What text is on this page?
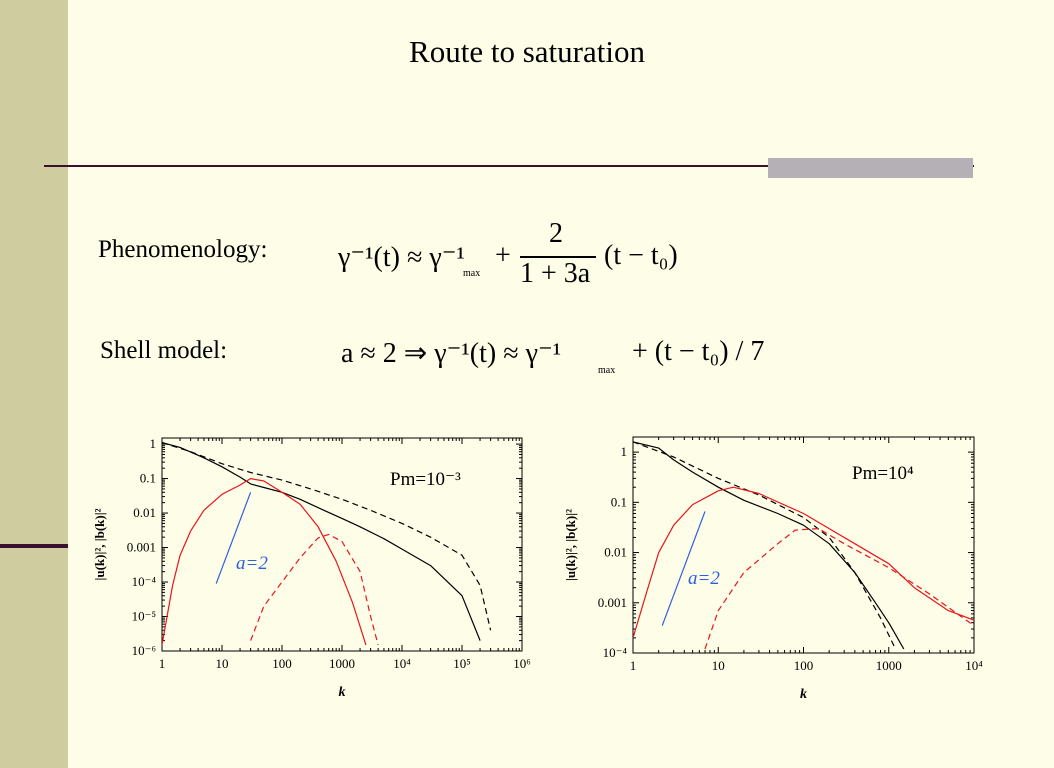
Route to saturation
Phenomenology:
Shell model:
γ⁻¹(t) ≈ γ⁻¹
max
+
2
1 + 3a
(t − t₀)
a ≈ 2 ⇒ γ⁻¹(t) ≈ γ⁻¹
max
+ (t − t₀) / 7
1	10	100	1000	10⁴	10⁵	10⁶
1
0.1
0.01
0.001
10⁻⁴
10⁻⁵
10⁻⁶
k
|u(k)|², |b(k)|²
Pm=10⁻³
a=2
1	10	100	1000	10⁴
1
0.1
0.01
0.001
10⁻⁴
k
|u(k)|², |b(k)|²
Pm=10⁴
a=2
